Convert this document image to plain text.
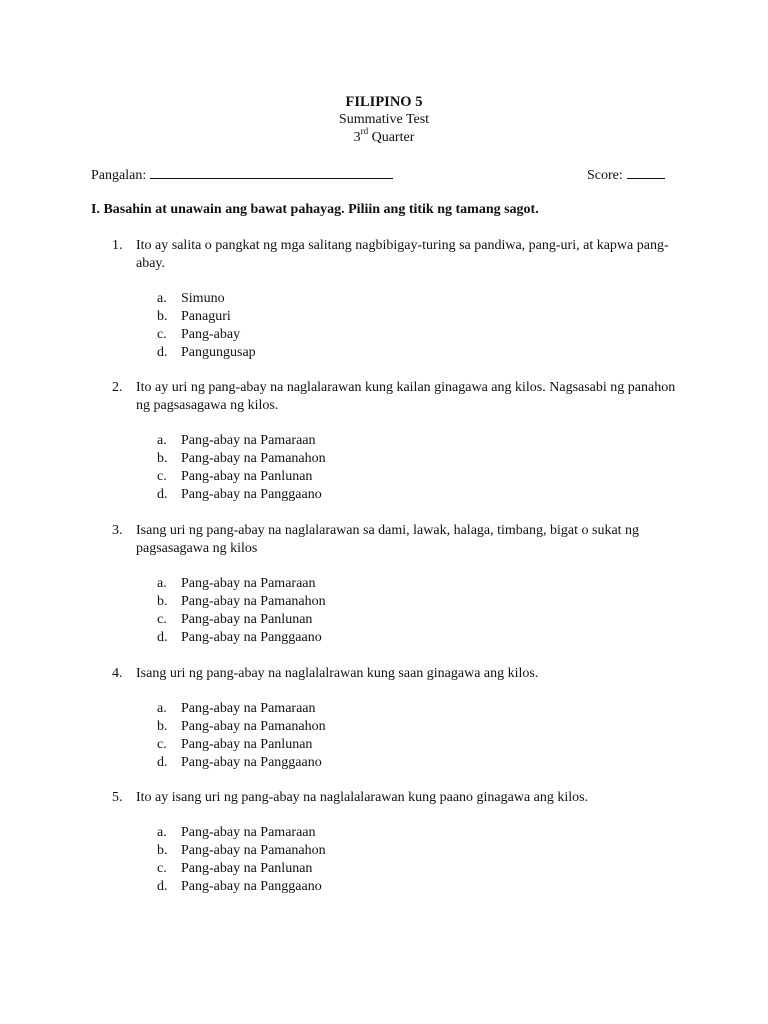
FILIPINO 5
Summative Test
3rd Quarter
Pangalan:	Score:
I. Basahin at unawain ang bawat pahayag. Piliin ang titik ng tamang sagot.
1. Ito ay salita o pangkat ng mga salitang nagbibigay-turing sa pandiwa, pang-uri, at kapwa pang-abay.
a.	Simuno
b. Panaguri
c.	Pang-abay
d. Pangungusap
2. Ito ay uri ng pang-abay na naglalarawan kung kailan ginagawa ang kilos. Nagsasabi ng panahon ng pagsasagawa ng kilos.
a.	Pang-abay na Pamaraan
b. Pang-abay na Pamanahon
c.	Pang-abay na Panlunan
d. Pang-abay na Panggaano
3. Isang uri ng pang-abay na naglalarawan sa dami, lawak, halaga, timbang, bigat o sukat ng pagsasagawa ng kilos
a.	Pang-abay na Pamaraan
b. Pang-abay na Pamanahon
c.	Pang-abay na Panlunan
d. Pang-abay na Panggaano
4. Isang uri ng pang-abay na naglalalrawan kung saan ginagawa ang kilos.
a.	Pang-abay na Pamaraan
b. Pang-abay na Pamanahon
c.	Pang-abay na Panlunan
d. Pang-abay na Panggaano
5. Ito ay isang uri ng pang-abay na naglalalarawan kung paano ginagawa ang kilos.
a.	Pang-abay na Pamaraan
b. Pang-abay na Pamanahon
c.	Pang-abay na Panlunan
d. Pang-abay na Panggaano
